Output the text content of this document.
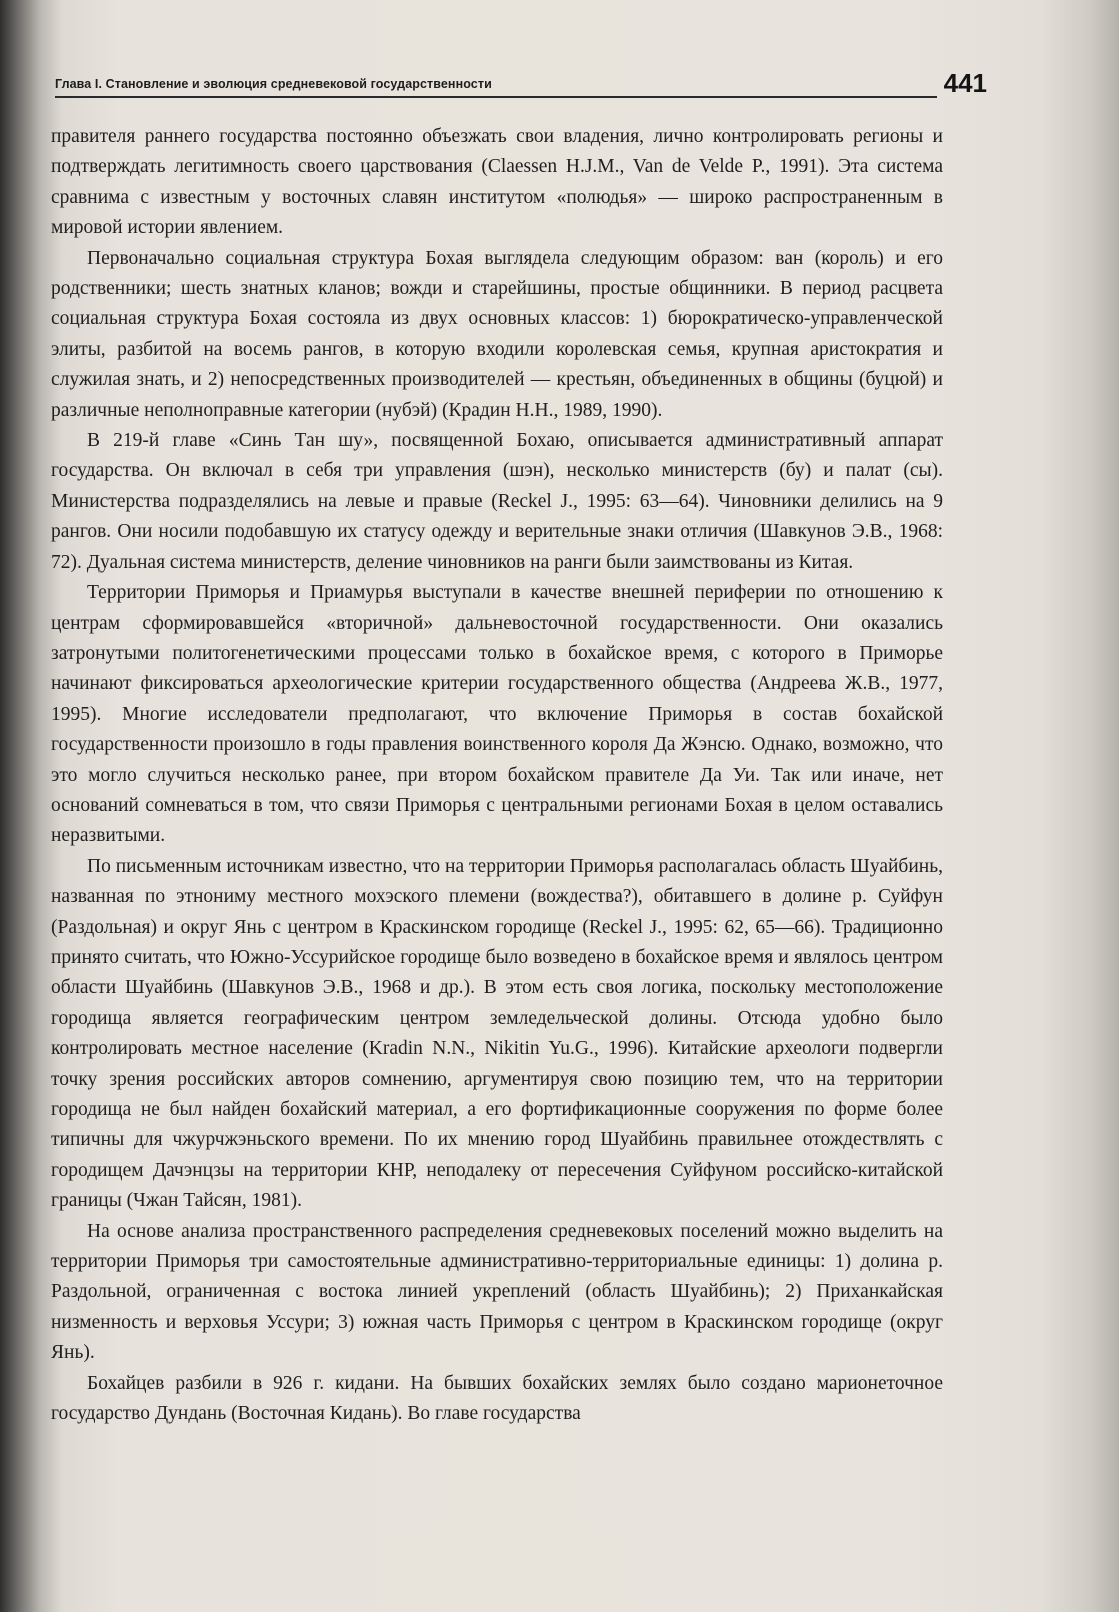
Глава I. Становление и эволюция средневековой государственности	441

правителя раннего государства постоянно объезжать свои владения, лично контролировать регионы и подтверждать легитимность своего царствования (Claessen H.J.M., Van de Velde P., 1991). Эта система сравнима с известным у восточных славян институтом «полюдья» — широко распространенным в мировой истории явлением.

Первоначально социальная структура Бохая выглядела следующим образом: ван (король) и его родственники; шесть знатных кланов; вожди и старейшины, простые общинники. В период расцвета социальная структура Бохая состояла из двух основных классов: 1) бюрократическо-управленческой элиты, разбитой на восемь рангов, в которую входили королевская семья, крупная аристократия и служилая знать, и 2) непосредственных производителей — крестьян, объединенных в общины (буцюй) и различные неполноправные категории (нубэй) (Крадин Н.Н., 1989, 1990).

В 219-й главе «Синь Тан шу», посвященной Бохаю, описывается административный аппарат государства. Он включал в себя три управления (шэн), несколько министерств (бу) и палат (сы). Министерства подразделялись на левые и правые (Reckel J., 1995: 63—64). Чиновники делились на 9 рангов. Они носили подобавшую их статусу одежду и верительные знаки отличия (Шавкунов Э.В., 1968: 72). Дуальная система министерств, деление чиновников на ранги были заимствованы из Китая.

Территории Приморья и Приамурья выступали в качестве внешней периферии по отношению к центрам сформировавшейся «вторичной» дальневосточной государственности. Они оказались затронутыми политогенетическими процессами только в бохайское время, с которого в Приморье начинают фиксироваться археологические критерии государственного общества (Андреева Ж.В., 1977, 1995). Многие исследователи предполагают, что включение Приморья в состав бохайской государственности произошло в годы правления воинственного короля Да Жэнсю. Однако, возможно, что это могло случиться несколько ранее, при втором бохайском правителе Да Уи. Так или иначе, нет оснований сомневаться в том, что связи Приморья с центральными регионами Бохая в целом оставались неразвитыми.

По письменным источникам известно, что на территории Приморья располагалась область Шуайбинь, названная по этнониму местного мохэского племени (вождества?), обитавшего в долине р. Суйфун (Раздольная) и округ Янь с центром в Краскинском городище (Reckel J., 1995: 62, 65—66). Традиционно принято считать, что Южно-Уссурийское городище было возведено в бохайское время и являлось центром области Шуайбинь (Шавкунов Э.В., 1968 и др.). В этом есть своя логика, поскольку местоположение городища является географическим центром земледельческой долины. Отсюда удобно было контролировать местное население (Kradin N.N., Nikitin Yu.G., 1996). Китайские археологи подвергли точку зрения российских авторов сомнению, аргументируя свою позицию тем, что на территории городища не был найден бохайский материал, а его фортификационные сооружения по форме более типичны для чжурчжэньского времени. По их мнению город Шуайбинь правильнее отождествлять с городищем Дачэнцзы на территории КНР, неподалеку от пересечения Суйфуном российско-китайской границы (Чжан Тайсян, 1981).

На основе анализа пространственного распределения средневековых поселений можно выделить на территории Приморья три самостоятельные административно-территориальные единицы: 1) долина р. Раздольной, ограниченная с востока линией укреплений (область Шуайбинь); 2) Приханкайская низменность и верховья Уссури; 3) южная часть Приморья с центром в Краскинском городище (округ Янь).

Бохайцев разбили в 926 г. кидани. На бывших бохайских землях было создано марионеточное государство Дундань (Восточная Кидань). Во главе государства
